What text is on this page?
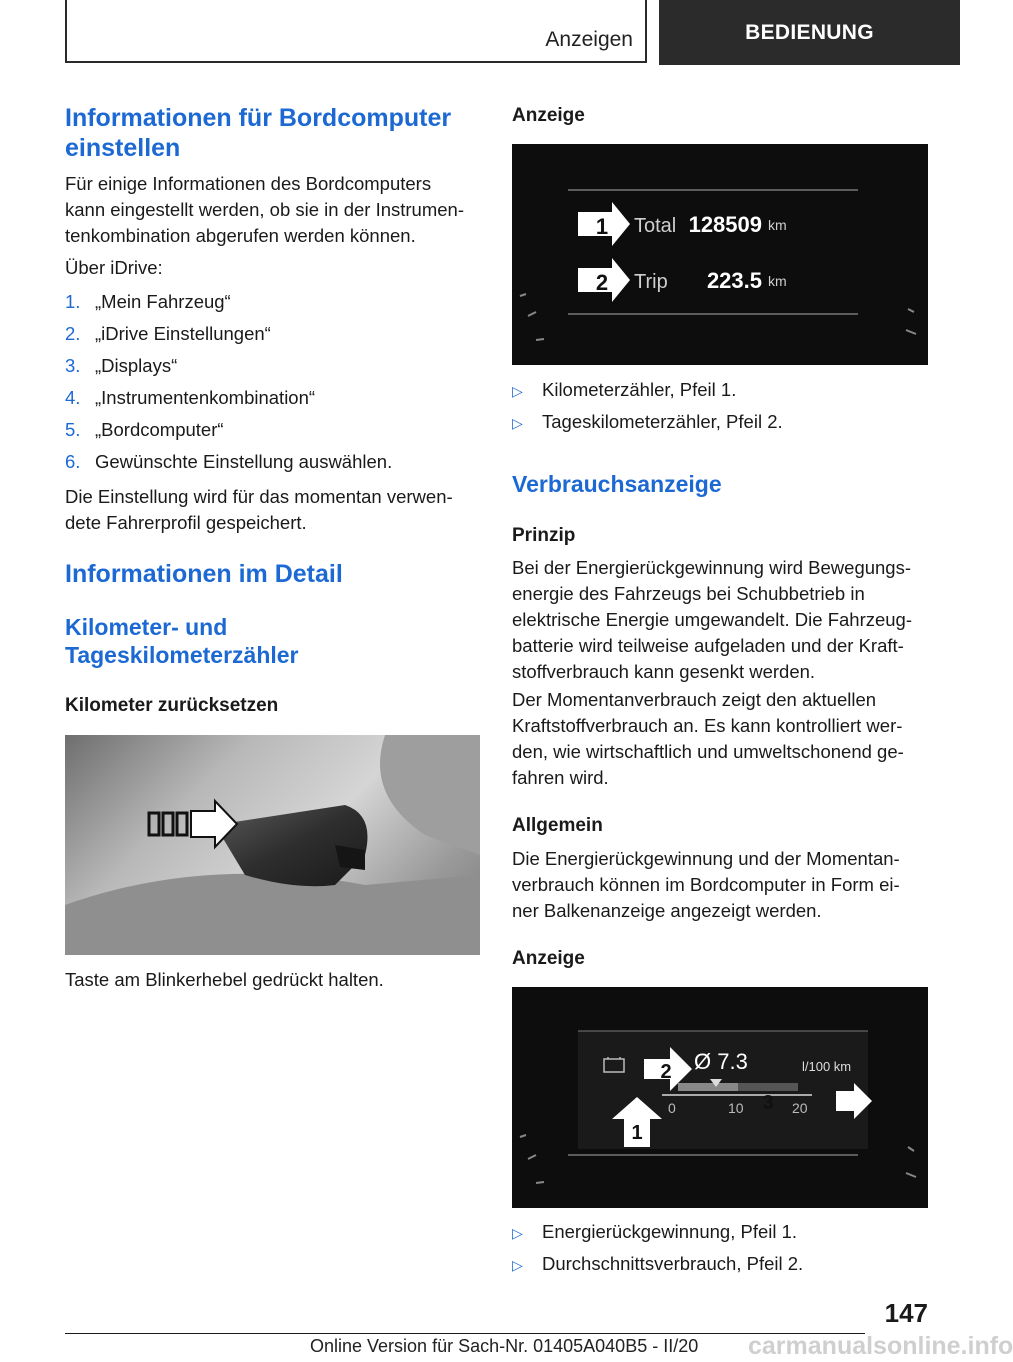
Anzeigen	BEDIENUNG
Informationen für Bordcomputer einstellen
Für einige Informationen des Bordcomputers
kann eingestellt werden, ob sie in der Instrumen-
tenkombination abgerufen werden können.
Über iDrive:
1. „Mein Fahrzeug“
2. „iDrive Einstellungen“
3. „Displays“
4. „Instrumentenkombination“
5. „Bordcomputer“
6. Gewünschte Einstellung auswählen.
Die Einstellung wird für das momentan verwen-
dete Fahrerprofil gespeichert.
Informationen im Detail
Kilometer- und
Tageskilometerzähler
Kilometer zurücksetzen
Taste am Blinkerhebel gedrückt halten.
Anzeige
1
2
Total 128509 km
Trip 223.5 km
▷ Kilometerzähler, Pfeil 1.
▷ Tageskilometerzähler, Pfeil 2.
Verbrauchsanzeige
Prinzip
Bei der Energierückgewinnung wird Bewegungs-
energie des Fahrzeugs bei Schubbetrieb in
elektrische Energie umgewandelt. Die Fahrzeug-
batterie wird teilweise aufgeladen und der Kraft-
stoffverbrauch kann gesenkt werden.
Der Momentanverbrauch zeigt den aktuellen
Kraftstoffverbrauch an. Es kann kontrolliert wer-
den, wie wirtschaftlich und umweltschonend ge-
fahren wird.
Allgemein
Die Energierückgewinnung und der Momentan-
verbrauch können im Bordcomputer in Form ei-
ner Balkenanzeige angezeigt werden.
Anzeige
Ø 7.3	l/100 km
0	10	20
2
3
1
▷ Energierückgewinnung, Pfeil 1.
▷ Durchschnittsverbrauch, Pfeil 2.
147
carmanualsonline.info
Online Version für Sach-Nr. 01405A040B5 - II/20
